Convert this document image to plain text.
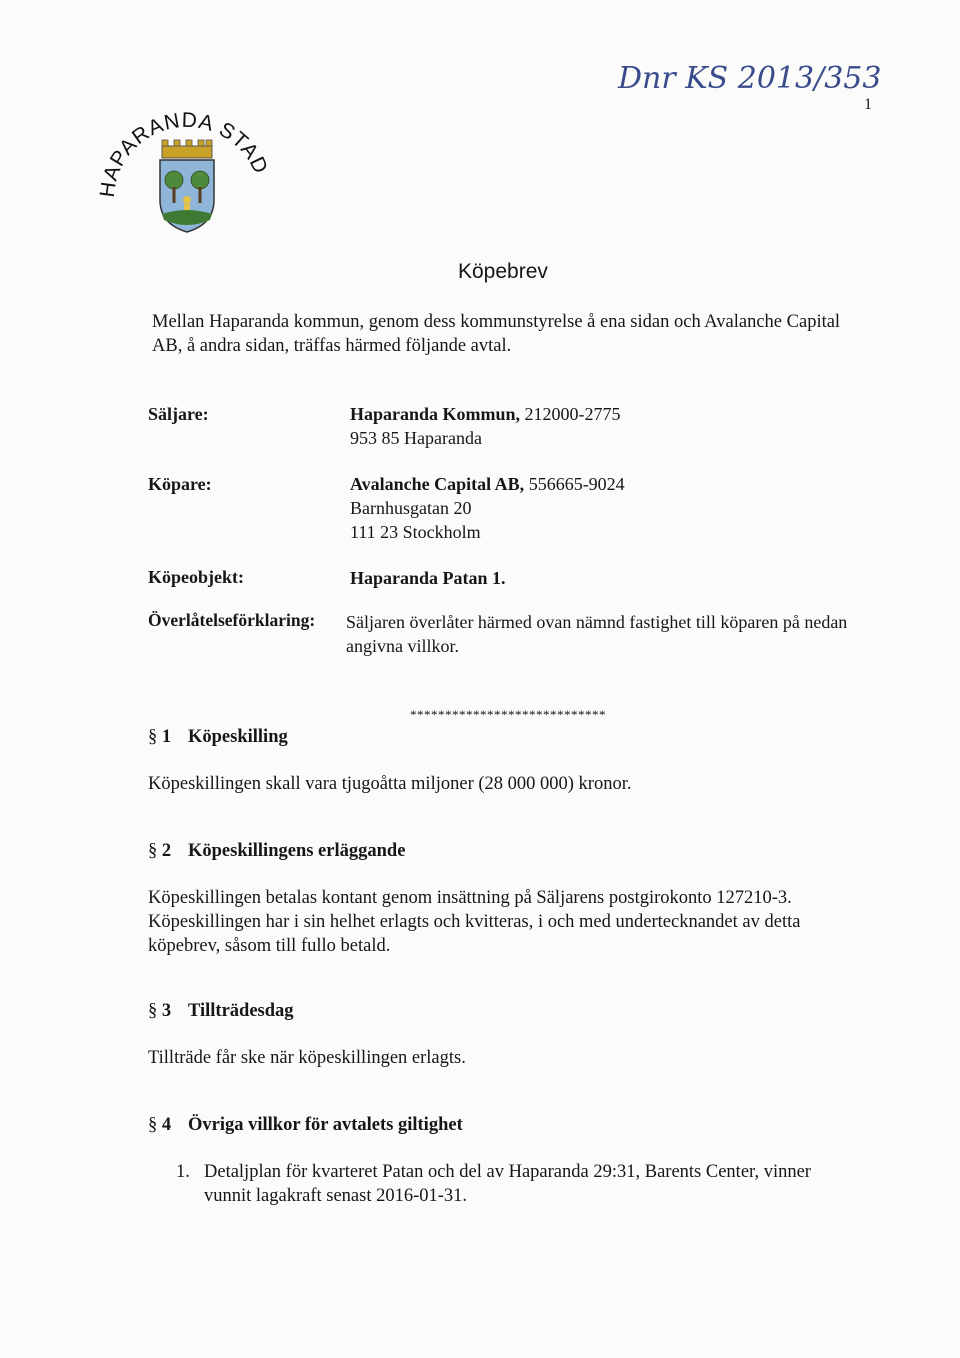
Dnr KS 2013/353
1
HAPARANDA STAD
Köpebrev
Mellan Haparanda kommun, genom dess kommunstyrelse å ena sidan och Avalanche Capital AB, å andra sidan, träffas härmed följande avtal.
Säljare:	Haparanda Kommun, 212000-2775
953 85 Haparanda
Köpare:	Avalanche Capital AB, 556665-9024
Barnhusgatan 20
111 23 Stockholm
Köpeobjekt:	Haparanda Patan 1.
Överlåtelseförklaring: Säljaren överlåter härmed ovan nämnd fastighet till köparen på nedan angivna villkor.
****************************
§ 1 Köpeskilling
Köpeskillingen skall vara tjugoåtta miljoner (28 000 000) kronor.
§ 2 Köpeskillingens erläggande
Köpeskillingen betalas kontant genom insättning på Säljarens postgirokonto 127210-3. Köpeskillingen har i sin helhet erlagts och kvitteras, i och med undertecknandet av detta köpebrev, såsom till fullo betald.
§ 3 Tillträdesdag
Tillträde får ske när köpeskillingen erlagts.
§ 4 Övriga villkor för avtalets giltighet
1. Detaljplan för kvarteret Patan och del av Haparanda 29:31, Barents Center, vinner vunnit lagakraft senast 2016-01-31.
